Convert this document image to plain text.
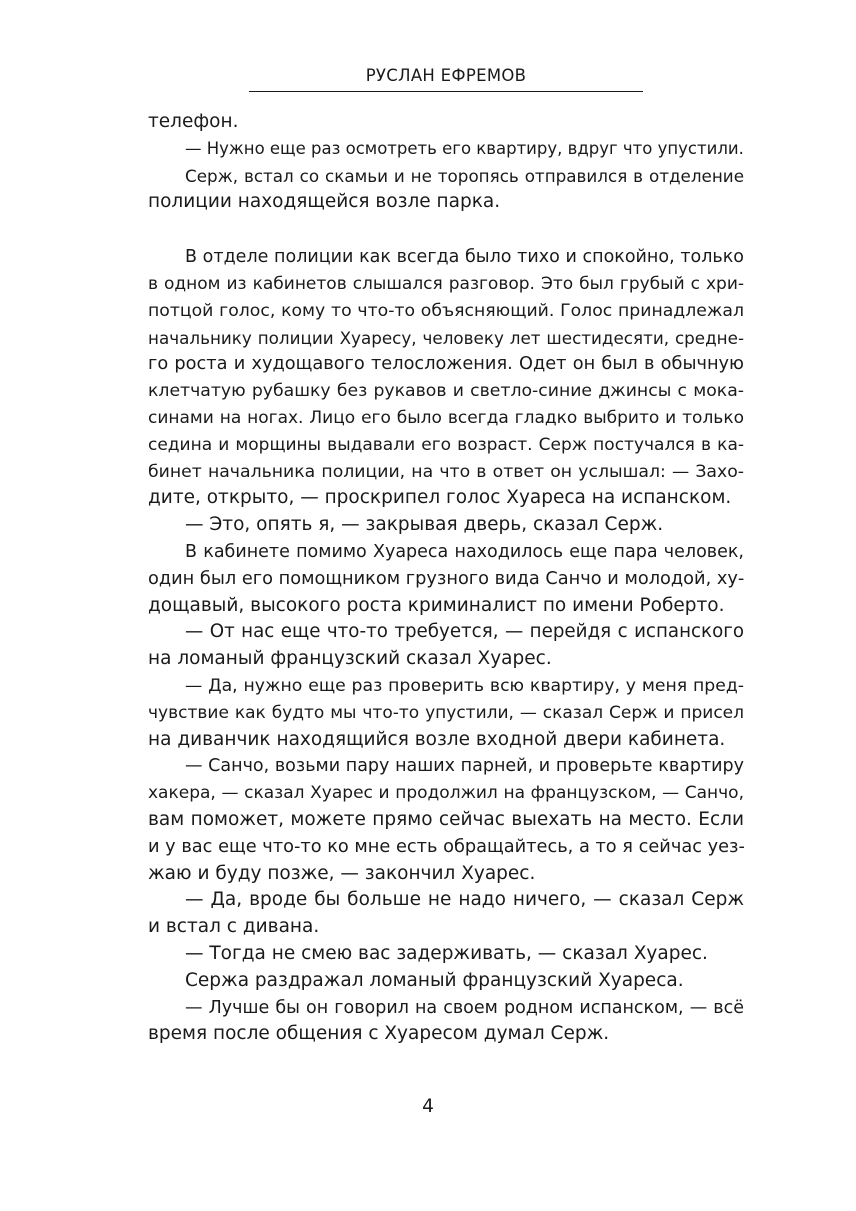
РУСЛАН ЕФРЕМОВ
телефон.
— Нужно еще раз осмотреть его квартиру, вдруг что упустили.
Серж, встал со скамьи и не торопясь отправился в отделение
полиции находящейся возле парка.
В отделе полиции как всегда было тихо и спокойно, только
в одном из кабинетов слышался разговор. Это был грубый с хри-
потцой голос, кому то что-то объясняющий. Голос принадлежал
начальнику полиции Хуаресу, человеку лет шестидесяти, средне-
го роста и худощавого телосложения. Одет он был в обычную
клетчатую рубашку без рукавов и светло-синие джинсы с мока-
синами на ногах. Лицо его было всегда гладко выбрито и только
седина и морщины выдавали его возраст. Серж постучался в ка-
бинет начальника полиции, на что в ответ он услышал: — Захо-
дите, открыто, — проскрипел голос Хуареса на испанском.
— Это, опять я, — закрывая дверь, сказал Серж.
В кабинете помимо Хуареса находилось еще пара человек,
один был его помощником грузного вида Санчо и молодой, ху-
дощавый, высокого роста криминалист по имени Роберто.
— От нас еще что-то требуется, — перейдя с испанского
на ломаный французский сказал Хуарес.
— Да, нужно еще раз проверить всю квартиру, у меня пред-
чувствие как будто мы что-то упустили, — сказал Серж и присел
на диванчик находящийся возле входной двери кабинета.
— Санчо, возьми пару наших парней, и проверьте квартиру
хакера, — сказал Хуарес и продолжил на французском, — Санчо,
вам поможет, можете прямо сейчас выехать на место. Если
и у вас еще что-то ко мне есть обращайтесь, а то я сейчас уез-
жаю и буду позже, — закончил Хуарес.
— Да, вроде бы больше не надо ничего, — сказал Серж
и встал с дивана.
— Тогда не смею вас задерживать, — сказал Хуарес.
Сержа раздражал ломаный французский Хуареса.
— Лучше бы он говорил на своем родном испанском, — всё
время после общения с Хуаресом думал Серж.
4
